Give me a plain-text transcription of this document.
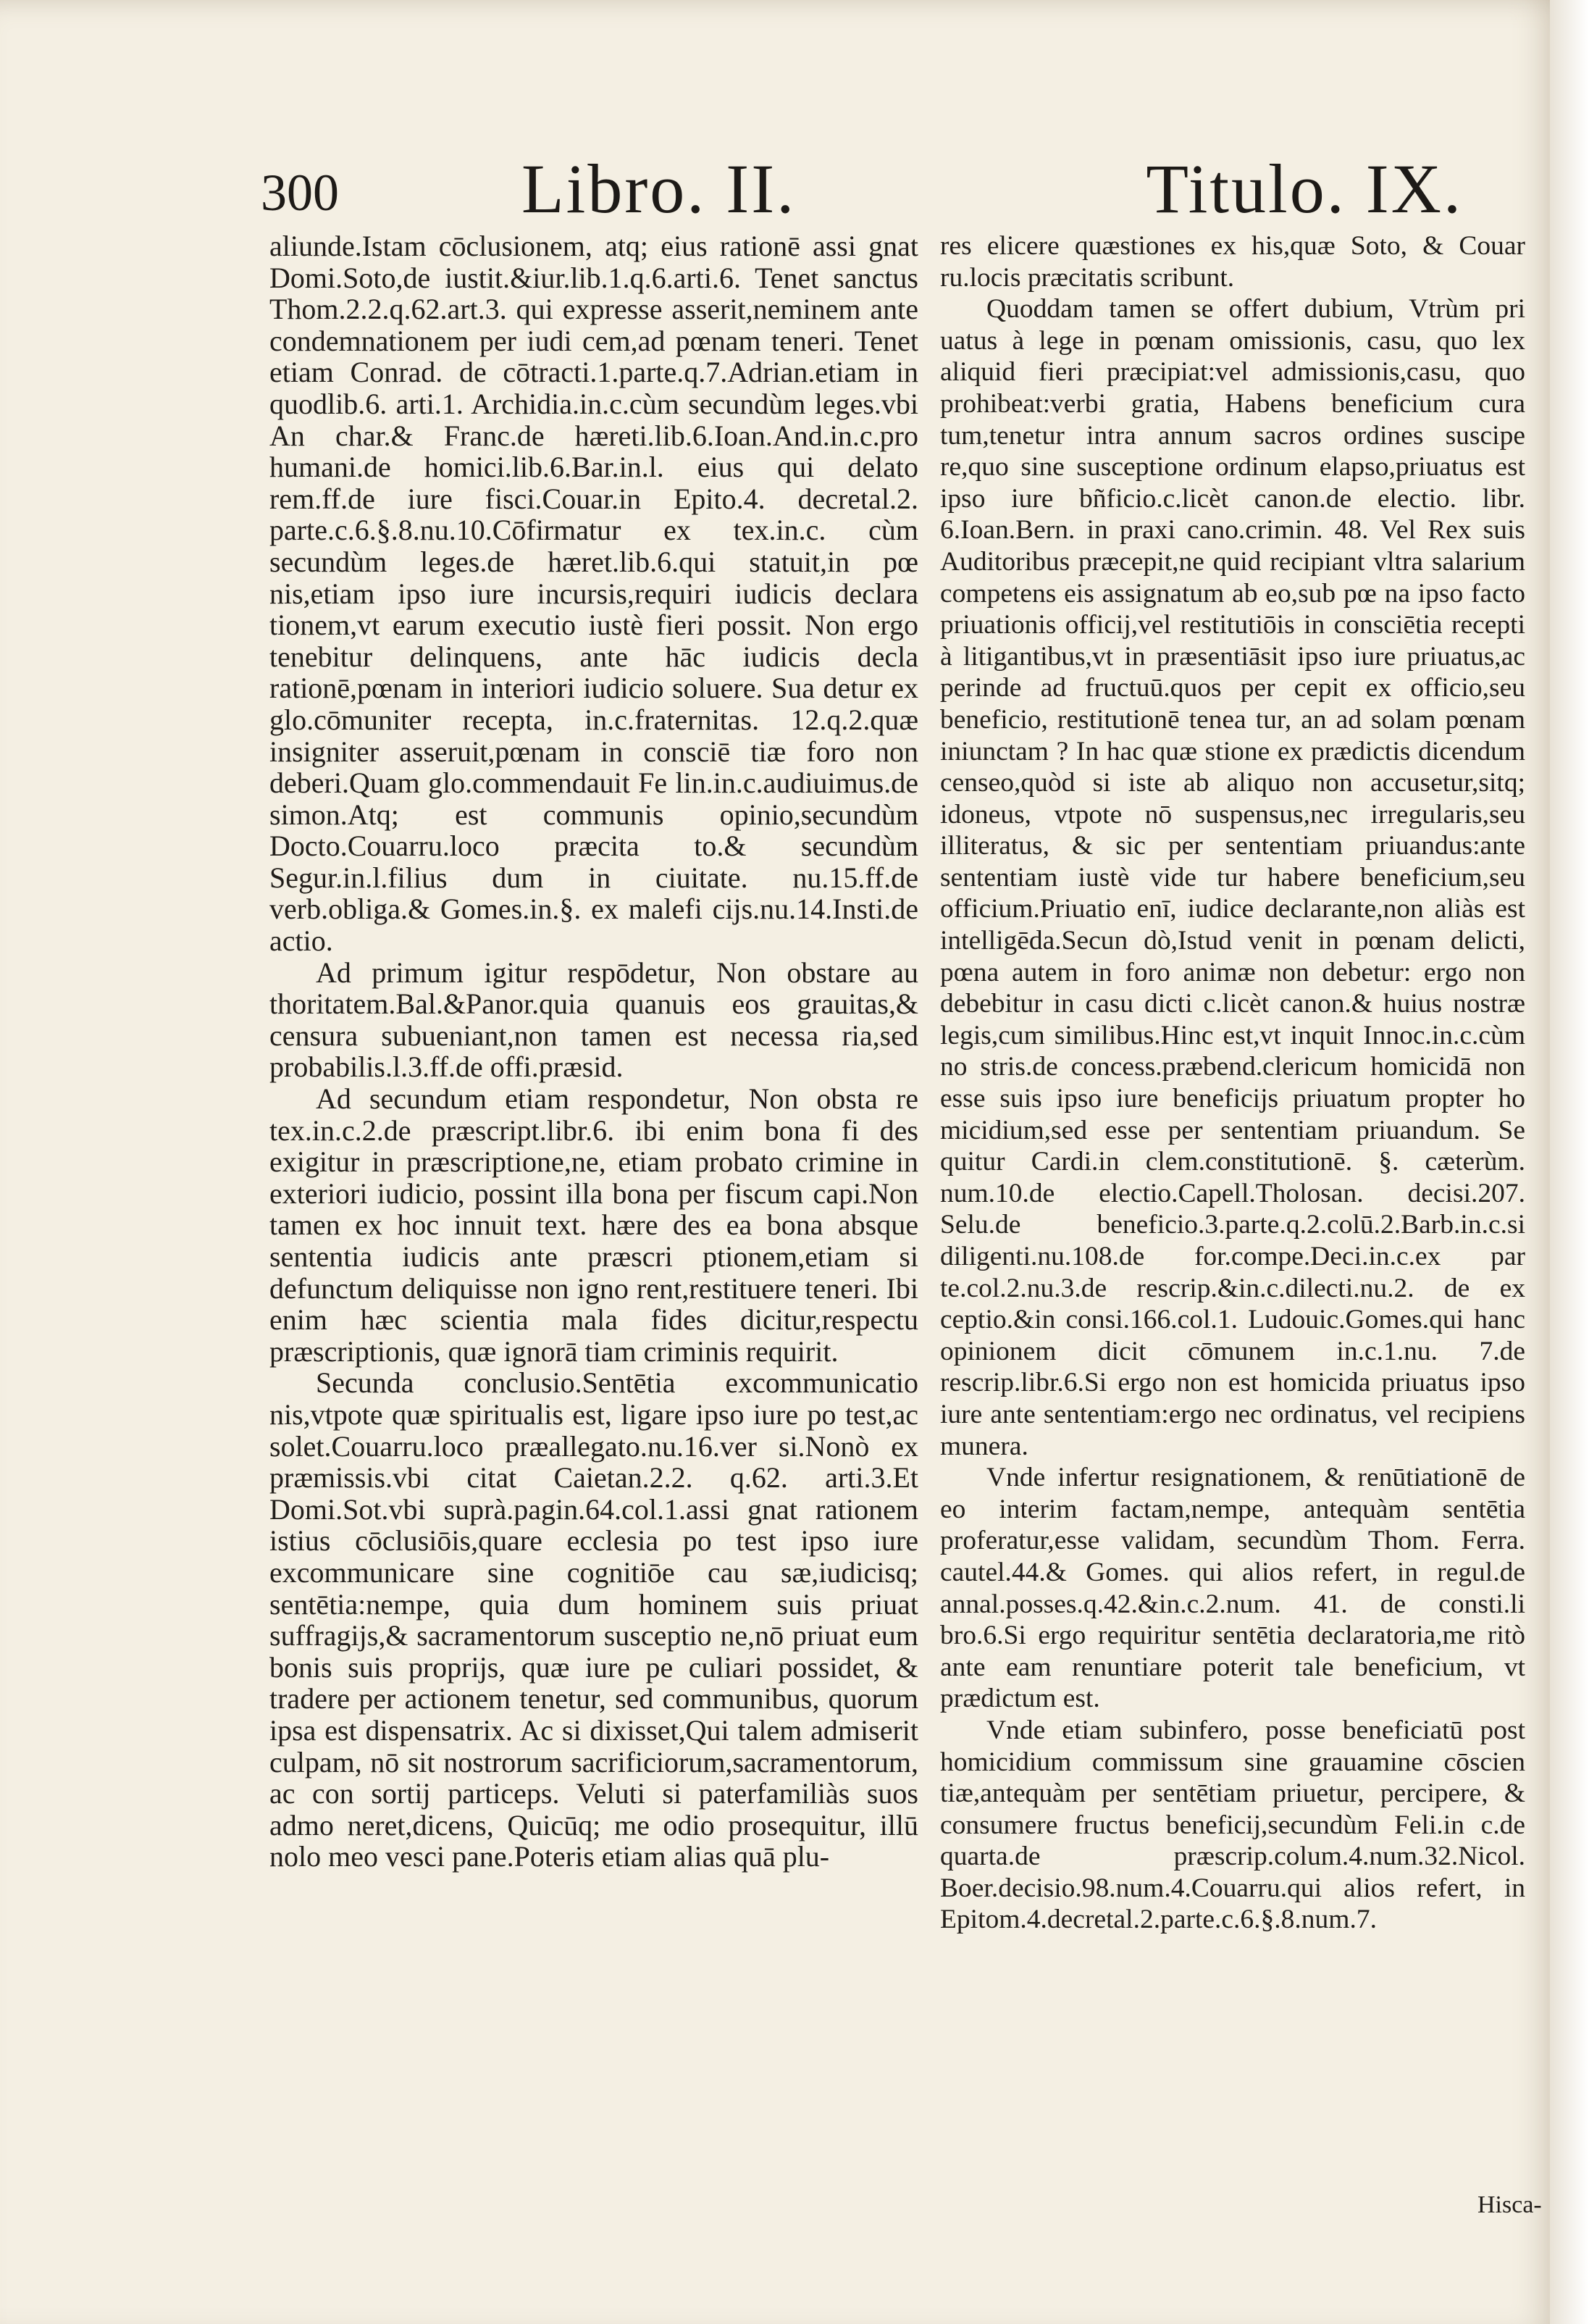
300	Libro. II.	Titulo. IX.

aliunde.Istam cōclusionem, atq; eius rationē assi gnat Domi.Soto,de iustit.&iur.lib.1.q.6.arti.6. Tenet sanctus Thom.2.2.q.62.art.3. qui expresse asserit,neminem ante condemnationem per iudi cem,ad pœnam teneri. Tenet etiam Conrad. de cōtracti.1.parte.q.7.Adrian.etiam in quodlib.6. arti.1. Archidia.in.c.cùm secundùm leges.vbi An char.& Franc.de hæreti.lib.6.Ioan.And.in.c.pro humani.de homici.lib.6.Bar.in.l. eius qui delato rem.ff.de iure fisci.Couar.in Epito.4. decretal.2. parte.c.6.§.8.nu.10.Cōfirmatur ex tex.in.c. cùm secundùm leges.de hæret.lib.6.qui statuit,in pœ nis,etiam ipso iure incursis,requiri iudicis declara tionem,vt earum executio iustè fieri possit. Non ergo tenebitur delinquens, ante hāc iudicis decla rationē,pœnam in interiori iudicio soluere. Sua detur ex glo.cōmuniter recepta, in.c.fraternitas. 12.q.2.quæ insigniter asseruit,pœnam in consciē tiæ foro non deberi.Quam glo.commendauit Fe lin.in.c.audiuimus.de simon.Atq; est communis opinio,secundùm Docto.Couarru.loco præcita to.& secundùm Segur.in.l.filius dum in ciuitate. nu.15.ff.de verb.obliga.& Gomes.in.§. ex malefi cijs.nu.14.Insti.de actio.

Ad primum igitur respōdetur, Non obstare au thoritatem.Bal.&Panor.quia quanuis eos grauitas,& censura subueniant,non tamen est necessa ria,sed probabilis.l.3.ff.de offi.præsid.

Ad secundum etiam respondetur, Non obsta re tex.in.c.2.de præscript.libr.6. ibi enim bona fi des exigitur in præscriptione,ne, etiam probato crimine in exteriori iudicio, possint illa bona per fiscum capi.Non tamen ex hoc innuit text. hære des ea bona absque sententia iudicis ante præscri ptionem,etiam si defunctum deliquisse non igno rent,restituere teneri. Ibi enim hæc scientia mala fides dicitur,respectu præscriptionis, quæ ignorā tiam criminis requirit.

Secunda conclusio.Sentētia excommunicatio nis,vtpote quæ spiritualis est, ligare ipso iure po test,ac solet.Couarru.loco præallegato.nu.16.ver si.Nonò ex præmissis.vbi citat Caietan.2.2. q.62. arti.3.Et Domi.Sot.vbi suprà.pagin.64.col.1.assi gnat rationem istius cōclusiōis,quare ecclesia po test ipso iure excommunicare sine cognitiōe cau sæ,iudicisq; sentētia:nempe, quia dum hominem suis priuat suffragijs,& sacramentorum susceptio ne,nō priuat eum bonis suis proprijs, quæ iure pe culiari possidet, & tradere per actionem tenetur, sed communibus, quorum ipsa est dispensatrix. Ac si dixisset,Qui talem admiserit culpam, nō sit nostrorum sacrificiorum,sacramentorum, ac con sortij particeps. Veluti si paterfamiliàs suos admo neret,dicens, Quicūq; me odio prosequitur, illū nolo meo vesci pane.Poteris etiam alias quā plu-

res elicere quæstiones ex his,quæ Soto, & Couar ru.locis præcitatis scribunt.

Quoddam tamen se offert dubium, Vtrùm pri uatus à lege in pœnam omissionis, casu, quo lex aliquid fieri præcipiat:vel admissionis,casu, quo prohibeat:verbi gratia, Habens beneficium cura tum,tenetur intra annum sacros ordines suscipe re,quo sine susceptione ordinum elapso,priuatus est ipso iure bñficio.c.licèt canon.de electio. libr. 6.Ioan.Bern. in praxi cano.crimin. 48. Vel Rex suis Auditoribus præcepit,ne quid recipiant vltra salarium competens eis assignatum ab eo,sub pœ na ipso facto priuationis officij,vel restitutiōis in consciētia recepti à litigantibus,vt in præsentiāsit ipso iure priuatus,ac perinde ad fructuū.quos per cepit ex officio,seu beneficio, restitutionē tenea tur, an ad solam pœnam iniunctam ? In hac quæ stione ex prædictis dicendum censeo,quòd si iste ab aliquo non accusetur,sitq; idoneus, vtpote nō suspensus,nec irregularis,seu illiteratus, & sic per sententiam priuandus:ante sententiam iustè vide tur habere beneficium,seu officium.Priuatio enī, iudice declarante,non aliàs est intelligēda.Secun dò,Istud venit in pœnam delicti, pœna autem in foro animæ non debetur: ergo non debebitur in casu dicti c.licèt canon.& huius nostræ legis,cum similibus.Hinc est,vt inquit Innoc.in.c.cùm no stris.de concess.præbend.clericum homicidā non esse suis ipso iure beneficijs priuatum propter ho micidium,sed esse per sententiam priuandum. Se quitur Cardi.in clem.constitutionē. §. cæterùm. num.10.de electio.Capell.Tholosan. decisi.207. Selu.de beneficio.3.parte.q.2.colū.2.Barb.in.c.si diligenti.nu.108.de for.compe.Deci.in.c.ex par te.col.2.nu.3.de rescrip.&in.c.dilecti.nu.2. de ex ceptio.&in consi.166.col.1. Ludouic.Gomes.qui hanc opinionem dicit cōmunem in.c.1.nu. 7.de rescrip.libr.6.Si ergo non est homicida priuatus ipso iure ante sententiam:ergo nec ordinatus, vel recipiens munera.

Vnde infertur resignationem, & renūtiationē de eo interim factam,nempe, antequàm sentētia proferatur,esse validam, secundùm Thom. Ferra. cautel.44.& Gomes. qui alios refert, in regul.de annal.posses.q.42.&in.c.2.num. 41. de consti.li bro.6.Si ergo requiritur sentētia declaratoria,me ritò ante eam renuntiare poterit tale beneficium, vt prædictum est.

Vnde etiam subinfero, posse beneficiatū post homicidium commissum sine grauamine cōscien tiæ,antequàm per sentētiam priuetur, percipere, & consumere fructus beneficij,secundùm Feli.in c.de quarta.de præscrip.colum.4.num.32.Nicol. Boer.decisio.98.num.4.Couarru.qui alios refert, in Epitom.4.decretal.2.parte.c.6.§.8.num.7.

Hisca-
